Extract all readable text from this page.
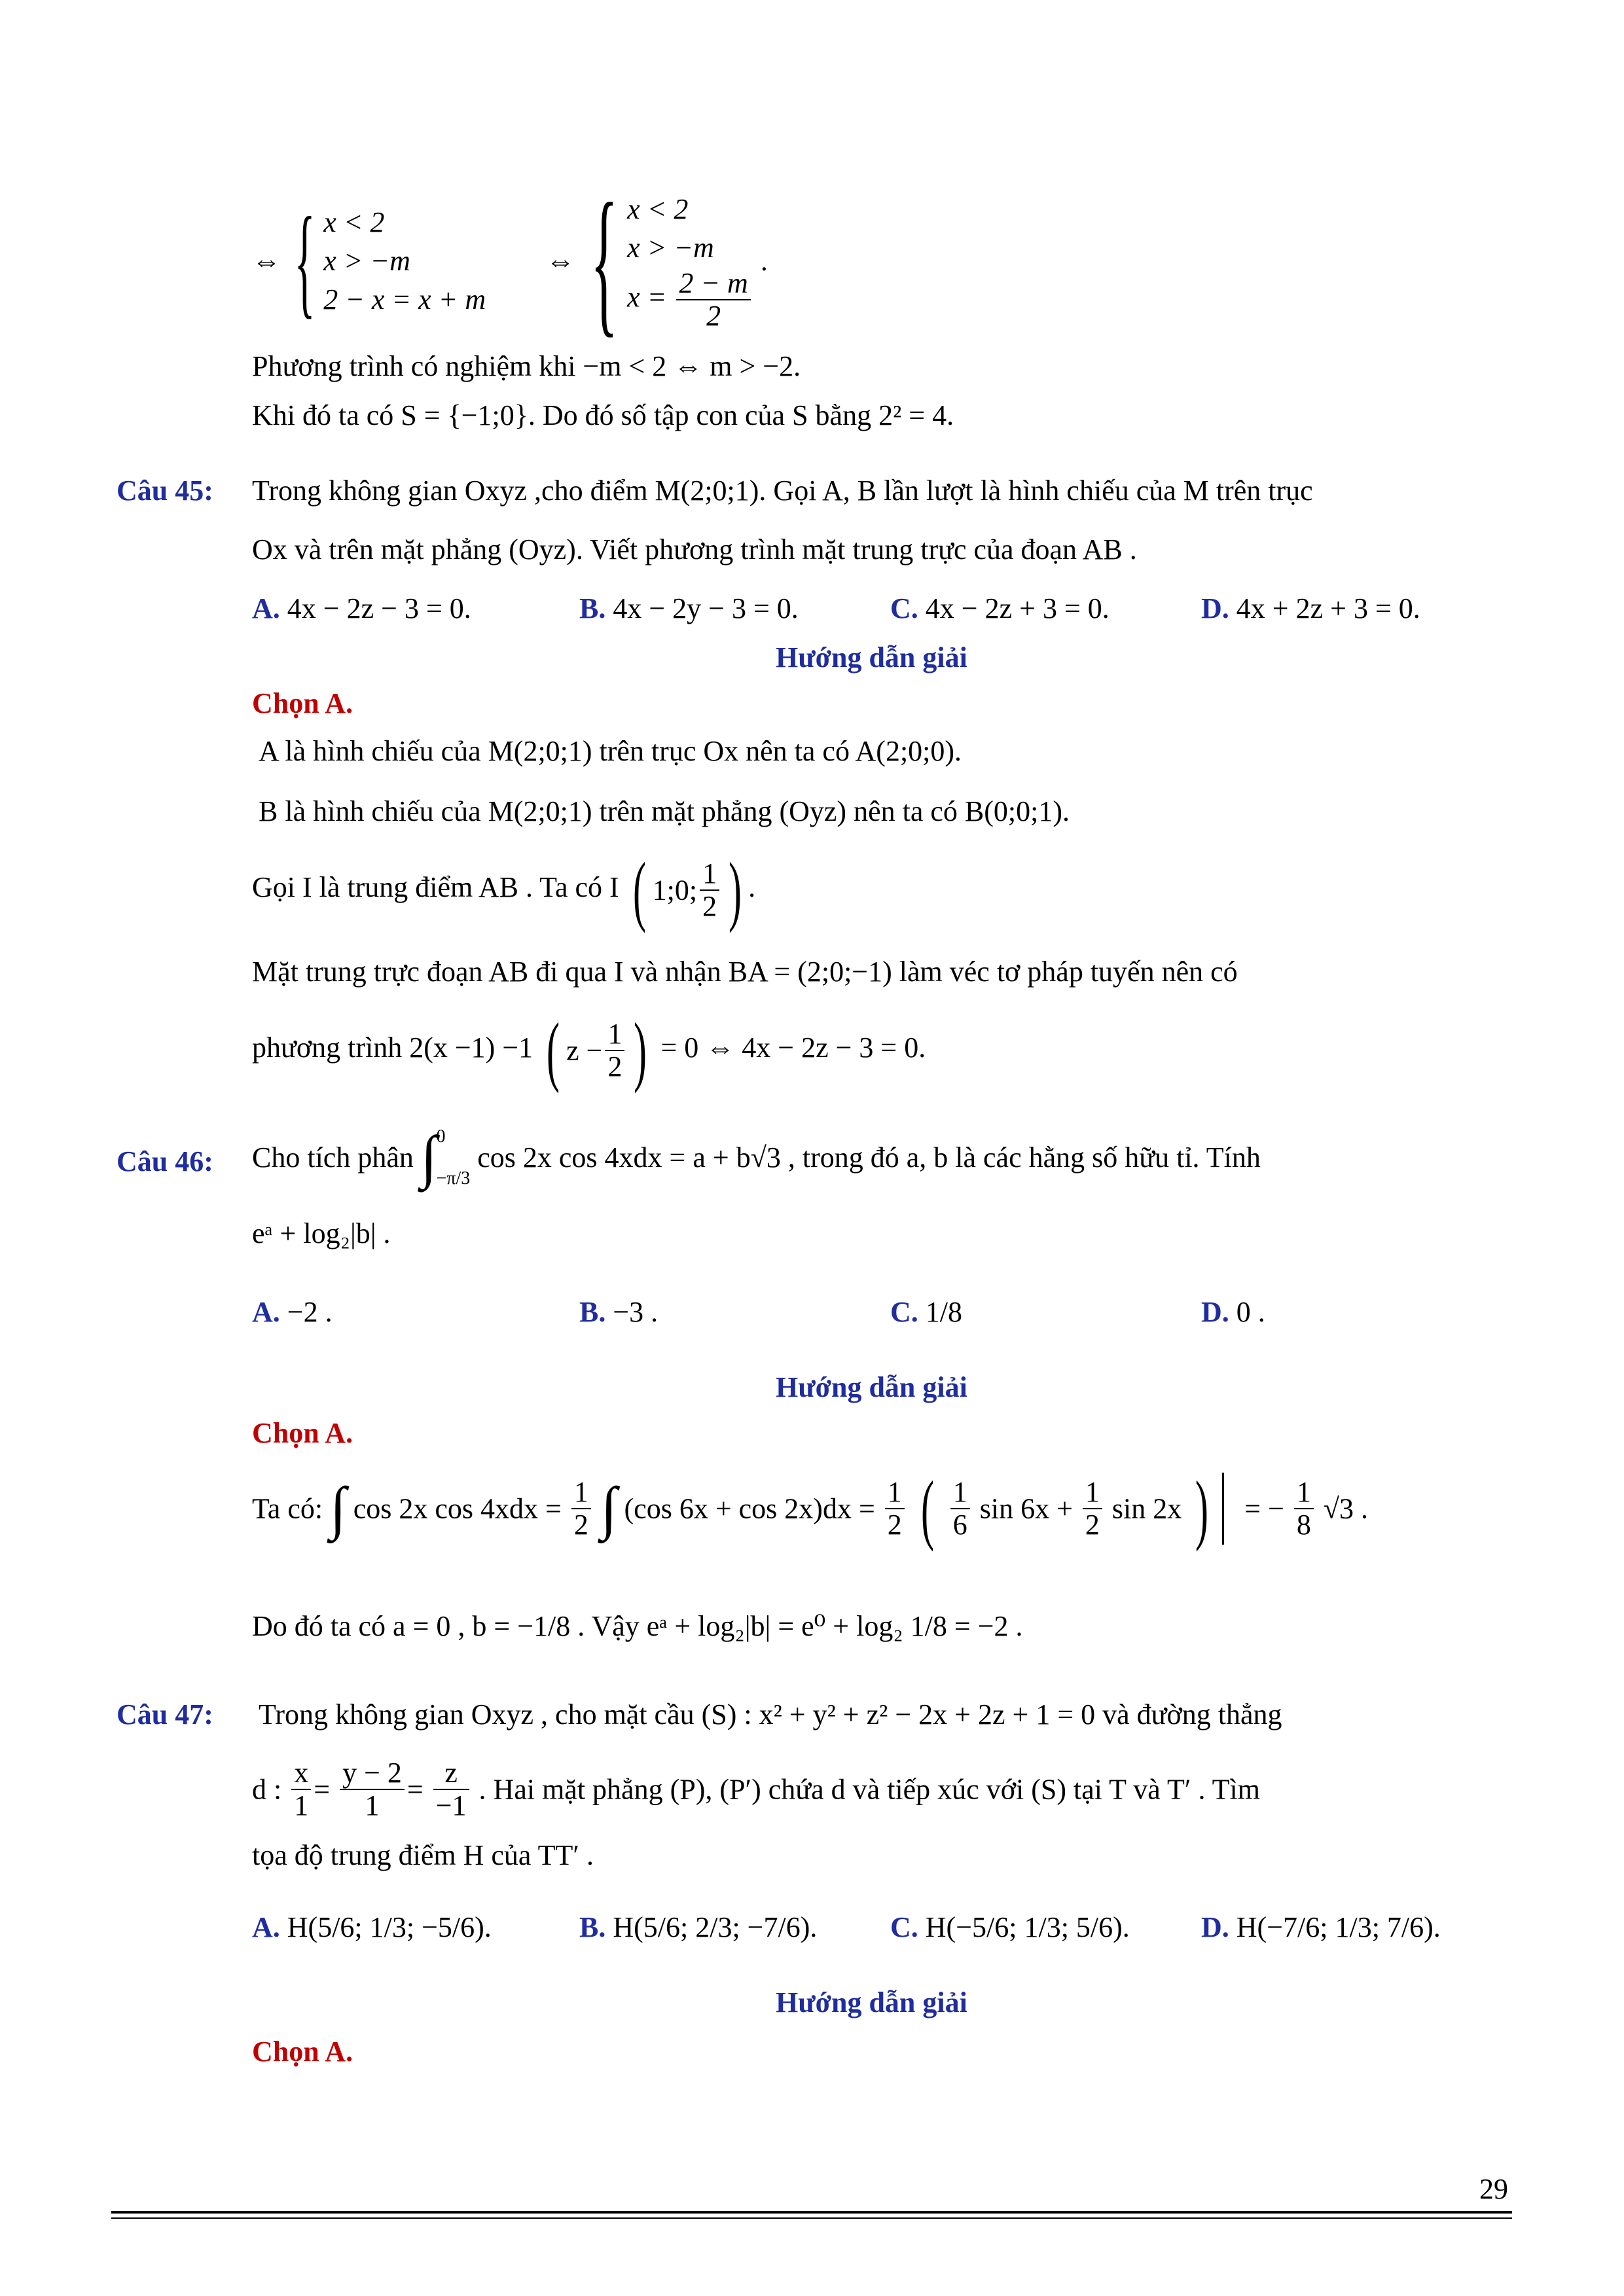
⇔ { x < 2
x > −m
2 − x = x + m
⇔ { x < 2
x > −m
$x = \frac{2 - m}{2}$
.
Phương trình có nghiệm khi −m < 2 ⇔ m > −2.
Khi đó ta có S = {−1;0}. Do đó số tập con của S bằng 2² = 4.
Câu 45: Trong không gian Oxyz ,cho điểm M(2;0;1). Gọi A, B lần lượt là hình chiếu của M trên trục
Ox và trên mặt phẳng (Oyz). Viết phương trình mặt trung trực của đoạn AB .
A. 4x − 2z − 3 = 0.	B. 4x − 2y − 3 = 0.	C. 4x − 2z + 3 = 0.	D. 4x + 2z + 3 = 0.
Hướng dẫn giải
Chọn A.
A là hình chiếu của M(2;0;1) trên trục Ox nên ta có A(2;0;0).
B là hình chiếu của M(2;0;1) trên mặt phẳng (Oyz) nên ta có B(0;0;1).
Gọi I là trung điểm AB . Ta có I ( 1;0; $\frac{1}{2}$ ) .
Mặt trung trực đoạn AB đi qua I và nhận BA = (2;0;−1) làm véc tơ pháp tuyến nên có
phương trình 2(x −1) −1 ( $z - \frac{1}{2}$ ) = 0 ⇔ 4x − 2z − 3 = 0.
Câu 46: Cho tích phân ∫ 0
−π/3
cos 2x cos 4xdx = a + b√3 , trong đó a, b là các hằng số hữu tỉ. Tính
eᵃ + log₂|b| .
A. −2 .	B. −3 .	C. 1/8	D. 0 .
Hướng dẫn giải
Chọn A.
Ta có: ∫ cos 2x $\cos 4xdx = \frac{1}{2}$ ∫ (cos $6x + \cos 2x)dx = \frac{1}{2}$ ( $\frac{1}{6}$ $\sin 6x + \frac{1}{2}$ sin 2x ) = − $\frac{1}{8} √3$ .
Do đó ta có a = 0 , b = −1/8 . Vậy eᵃ + log₂|b| = e⁰ + log₂ 1/8 = −2 .
Câu 47: Trong không gian Oxyz , cho mặt cầu (S) : x² + y² + z² − 2x + 2z + 1 = 0 và đường thẳng
d : $\frac{x}{1} = \frac{y - 2}{1} = \frac{z}{-1}$ . Hai mặt phẳng (P), (P′) chứa d và tiếp xúc với (S) tại T và T′ . Tìm
tọa độ trung điểm H của TT′ .
A. H(5/6; 1/3; −5/6).	B. H(5/6; 2/3; −7/6).	C. H(−5/6; 1/3; 5/6). D. H(−7/6; 1/3; 7/6).
Hướng dẫn giải
Chọn A.
29
